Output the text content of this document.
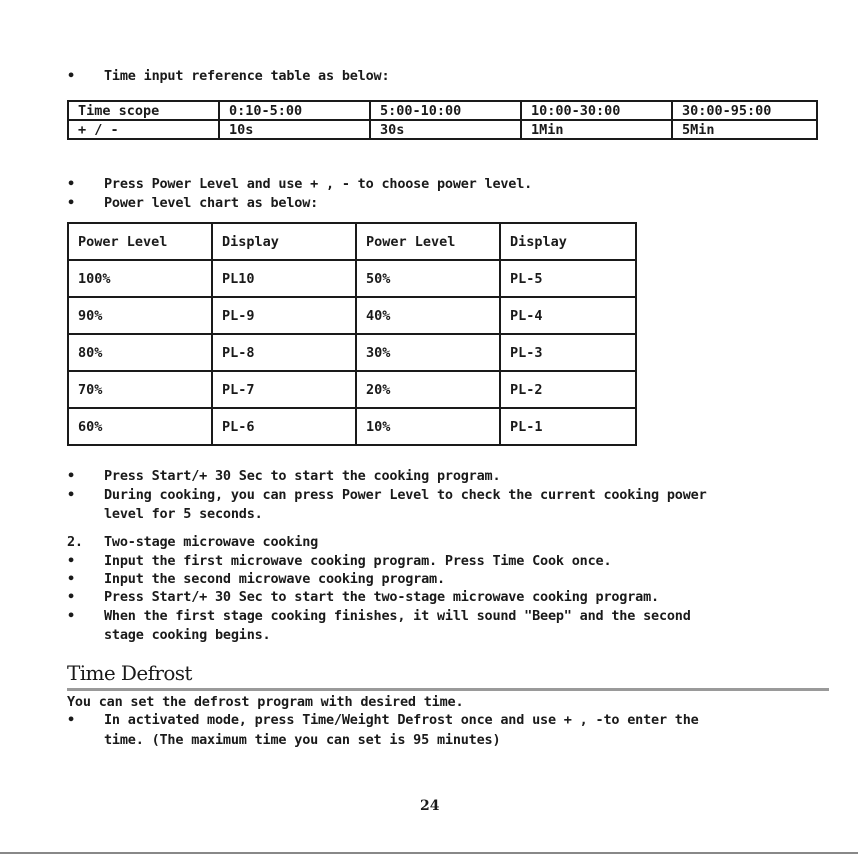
• Time input reference table as below:
Time scope	0:10-5:00	5:00-10:00	10:00-30:00	30:00-95:00
+ / -	10s	30s	1Min	5Min
• Press Power Level and use + , - to choose power level.
• Power level chart as below:
Power Level	Display	Power Level	Display
100%	PL10	50%	PL-5
90%	PL-9	40%	PL-4
80%	PL-8	30%	PL-3
70%	PL-7	20%	PL-2
60%	PL-6	10%	PL-1
• Press Start/+ 30 Sec to start the cooking program.
• During cooking, you can press Power Level to check the current cooking power
level for 5 seconds.
2. Two-stage microwave cooking
• Input the first microwave cooking program. Press Time Cook once.
• Input the second microwave cooking program.
• Press Start/+ 30 Sec to start the two-stage microwave cooking program.
• When the first stage cooking finishes, it will sound "Beep" and the second
stage cooking begins.
Time Defrost
You can set the defrost program with desired time.
• In activated mode, press Time/Weight Defrost once and use + , -to enter the
time. (The maximum time you can set is 95 minutes)
24
